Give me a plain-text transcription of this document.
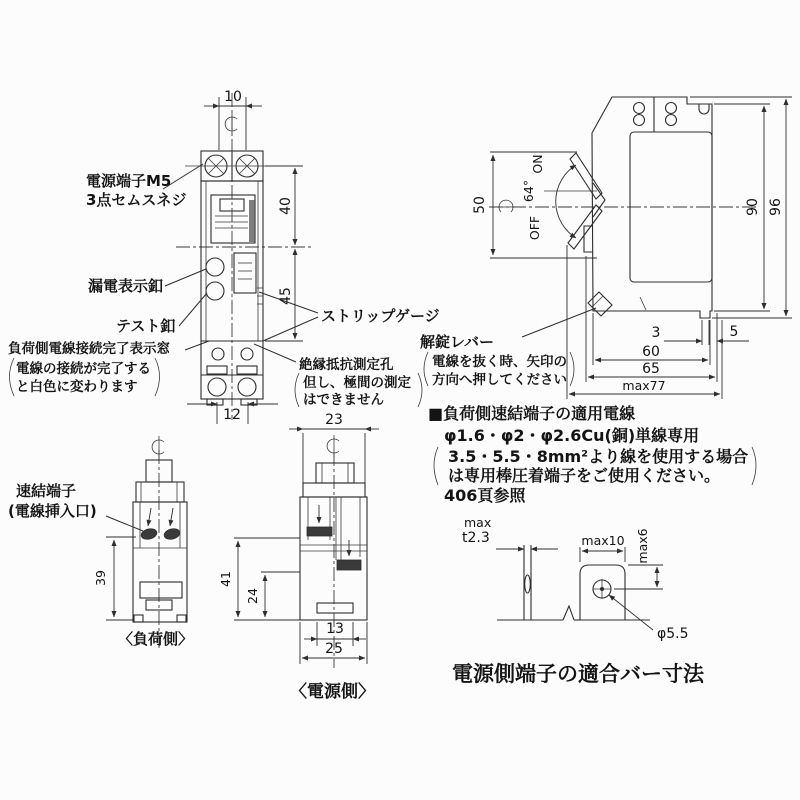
10
40
45
12
電源端子M5
3点セムスネジ
漏電表示釦
テスト釦
ストリップゲージ
負荷側電線接続完了表示窓
電線の接続が完了する
と白色に変わります
ON
64°
OFF
50	90 96
3	5
60
65
max77
解錠レバー
電線を抜く時、矢印の
方向へ押してください
絶縁抵抗測定孔
但し、極間の測定
はできません
■負荷側速結端子の適用電線
φ1.6・φ2・φ2.6Cu(銅)単線専用
3.5・5.5・8mm²より線を使用する場合
は専用棒圧着端子をご使用ください。
406頁参照
速結端子
(電線挿入口)
39
〈負荷側〉
23
41
24
13
25
〈電源側〉
max
t2.3	max10 max6
φ5.5
電源側端子の適合バー寸法
